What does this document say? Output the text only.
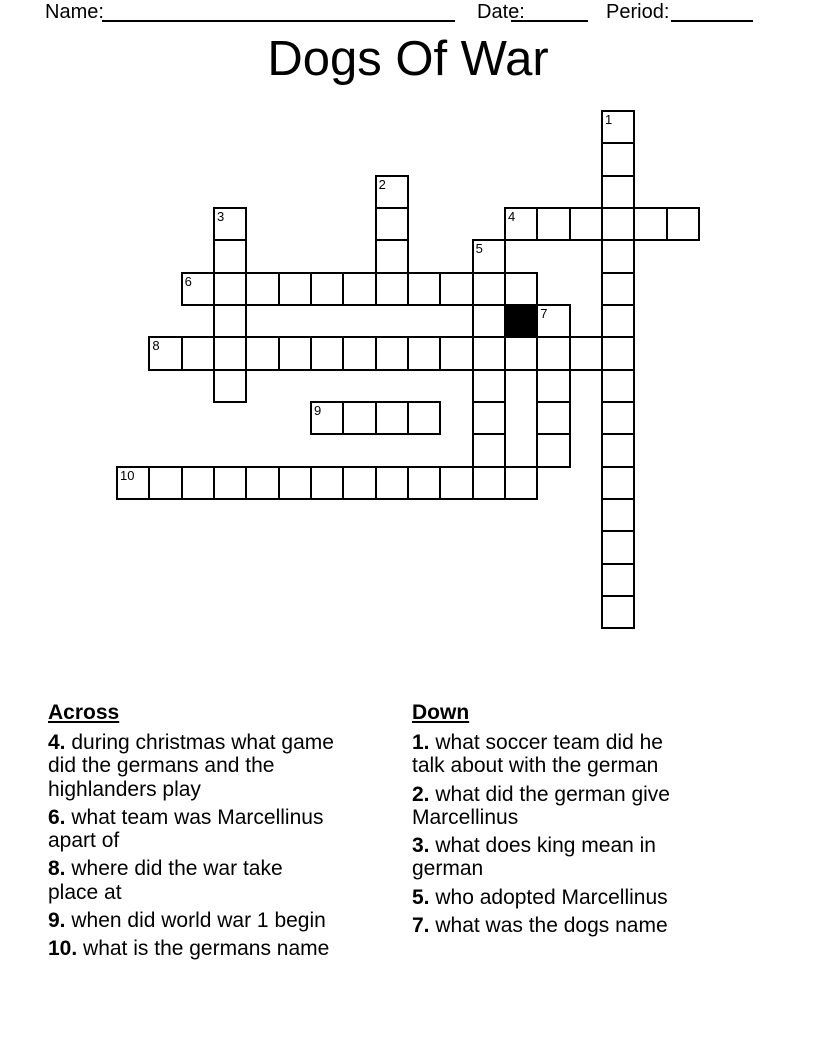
Name:	Date:	Period:
Dogs Of War
1
2
3	4
5
6
7
8
9
10
Across

4. during christmas what game
did the germans and the
highlanders play

6. what team was Marcellinus
apart of

8. where did the war take
place at

9. when did world war 1 begin

10. what is the germans name

Down

1. what soccer team did he
talk about with the german

2. what did the german give
Marcellinus

3. what does king mean in
german

5. who adopted Marcellinus

7. what was the dogs name
